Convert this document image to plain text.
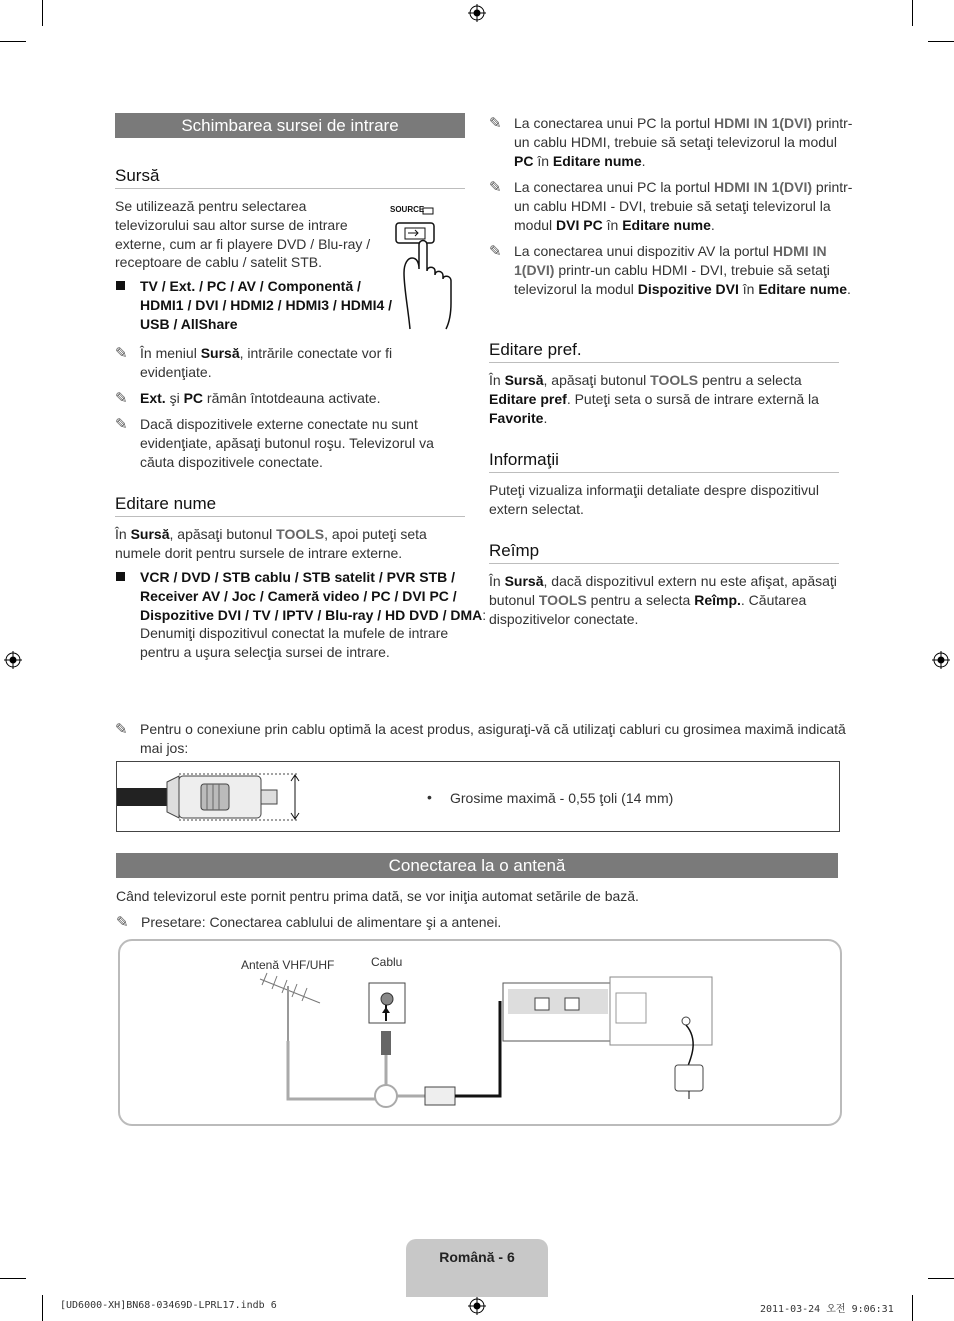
Schimbarea sursei de intrare
Sursă

Se utilizează pentru selectarea televizorului sau altor surse de intrare externe, cum ar fi playere DVD / Blu-ray / receptoare de cablu / satelit STB.

SOURCE
TV / Ext. / PC / AV / Componentă / HDMI1 / DVI / HDMI2 / HDMI3 / HDMI4 / USB / AllShare
✎ În meniul Sursă, intrările conectate vor fi evidenţiate.
✎ Ext. şi PC rămân întotdeauna activate.
✎ Dacă dispozitivele externe conectate nu sunt evidenţiate, apăsaţi butonul roşu. Televizorul va căuta dispozitivele conectate.
Editare nume

În Sursă, apăsaţi butonul TOOLS, apoi puteţi seta numele dorit pentru sursele de intrare externe.

VCR / DVD / STB cablu / STB satelit / PVR STB / Receiver AV / Joc / Cameră video / PC / DVI PC / Dispozitive DVI / TV / IPTV / Blu-ray / HD DVD / DMA: Denumiţi dispozitivul conectat la mufele de intrare pentru a uşura selecţia sursei de intrare.
✎ La conectarea unui PC la portul HDMI IN 1(DVI) printr-un cablu HDMI, trebuie să setaţi televizorul la modul PC în Editare nume.
✎ La conectarea unui PC la portul HDMI IN 1(DVI) printr-un cablu HDMI - DVI, trebuie să setaţi televizorul la modul DVI PC în Editare nume.
✎ La conectarea unui dispozitiv AV la portul HDMI IN 1(DVI) printr-un cablu HDMI - DVI, trebuie să setaţi televizorul la modul Dispozitive DVI în Editare nume.
Editare pref.

În Sursă, apăsaţi butonul TOOLS pentru a selecta Editare pref. Puteţi seta o sursă de intrare externă la Favorite.

Informaţii

Puteţi vizualiza informaţii detaliate despre dispozitivul extern selectat.

Reîmp

În Sursă, dacă dispozitivul extern nu este afişat, apăsaţi butonul TOOLS pentru a selecta Reîmp.. Căutarea dispozitivelor conectate.

✎ Pentru o conexiune prin cablu optimă la acest produs, asiguraţi-vă că utilizaţi cabluri cu grosimea maximă indicată mai jos:
• Grosime maximă - 0,55 ţoli (14 mm)
Conectarea la o antenă

Când televizorul este pornit pentru prima dată, se vor iniţia automat setările de bază.

✎ Presetare: Conectarea cablului de alimentare şi a antenei.
Antenă VHF/UHF	Cablu
Română - 6
[UD6000-XH]BN68-03469D-LPRL17.indb 6	2011-03-24 오전 9:06:31
